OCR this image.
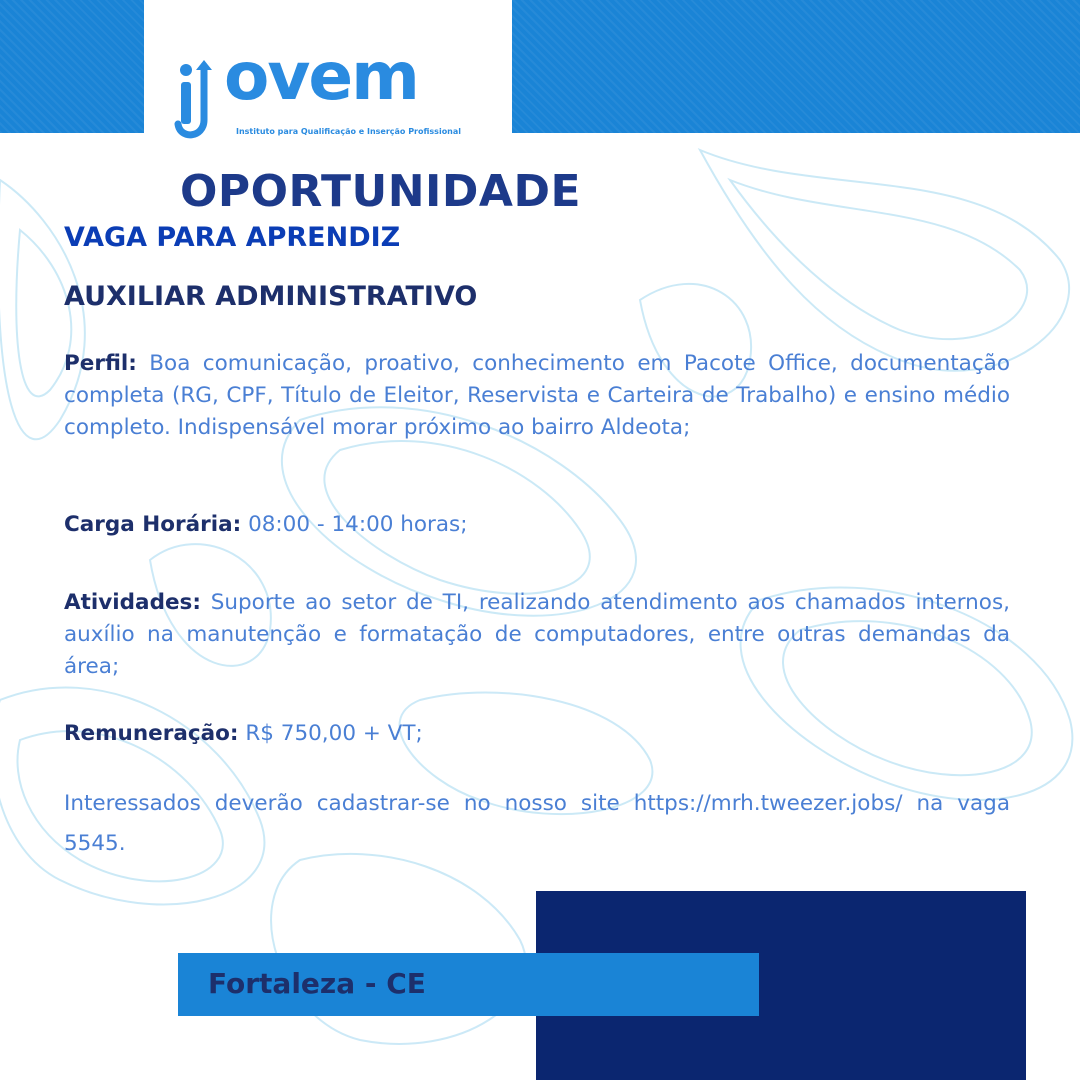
ovem
Instituto para Qualificação e Inserção Profissional
OPORTUNIDADE
VAGA PARA APRENDIZ
AUXILIAR ADMINISTRATIVO
Perfil: Boa comunicação, proativo, conhecimento em Pacote Office, documentação completa (RG, CPF, Título de Eleitor, Reservista e Carteira de Trabalho) e ensino médio completo. Indispensável morar próximo ao bairro Aldeota;
Carga Horária: 08:00 - 14:00 horas;
Atividades: Suporte ao setor de TI, realizando atendimento aos chamados internos, auxílio na manutenção e formatação de computadores, entre outras demandas da área;
Remuneração: R$ 750,00 + VT;
Interessados deverão cadastrar-se no nosso site https://mrh.tweezer.jobs/ na vaga 5545.
Fortaleza - CE
